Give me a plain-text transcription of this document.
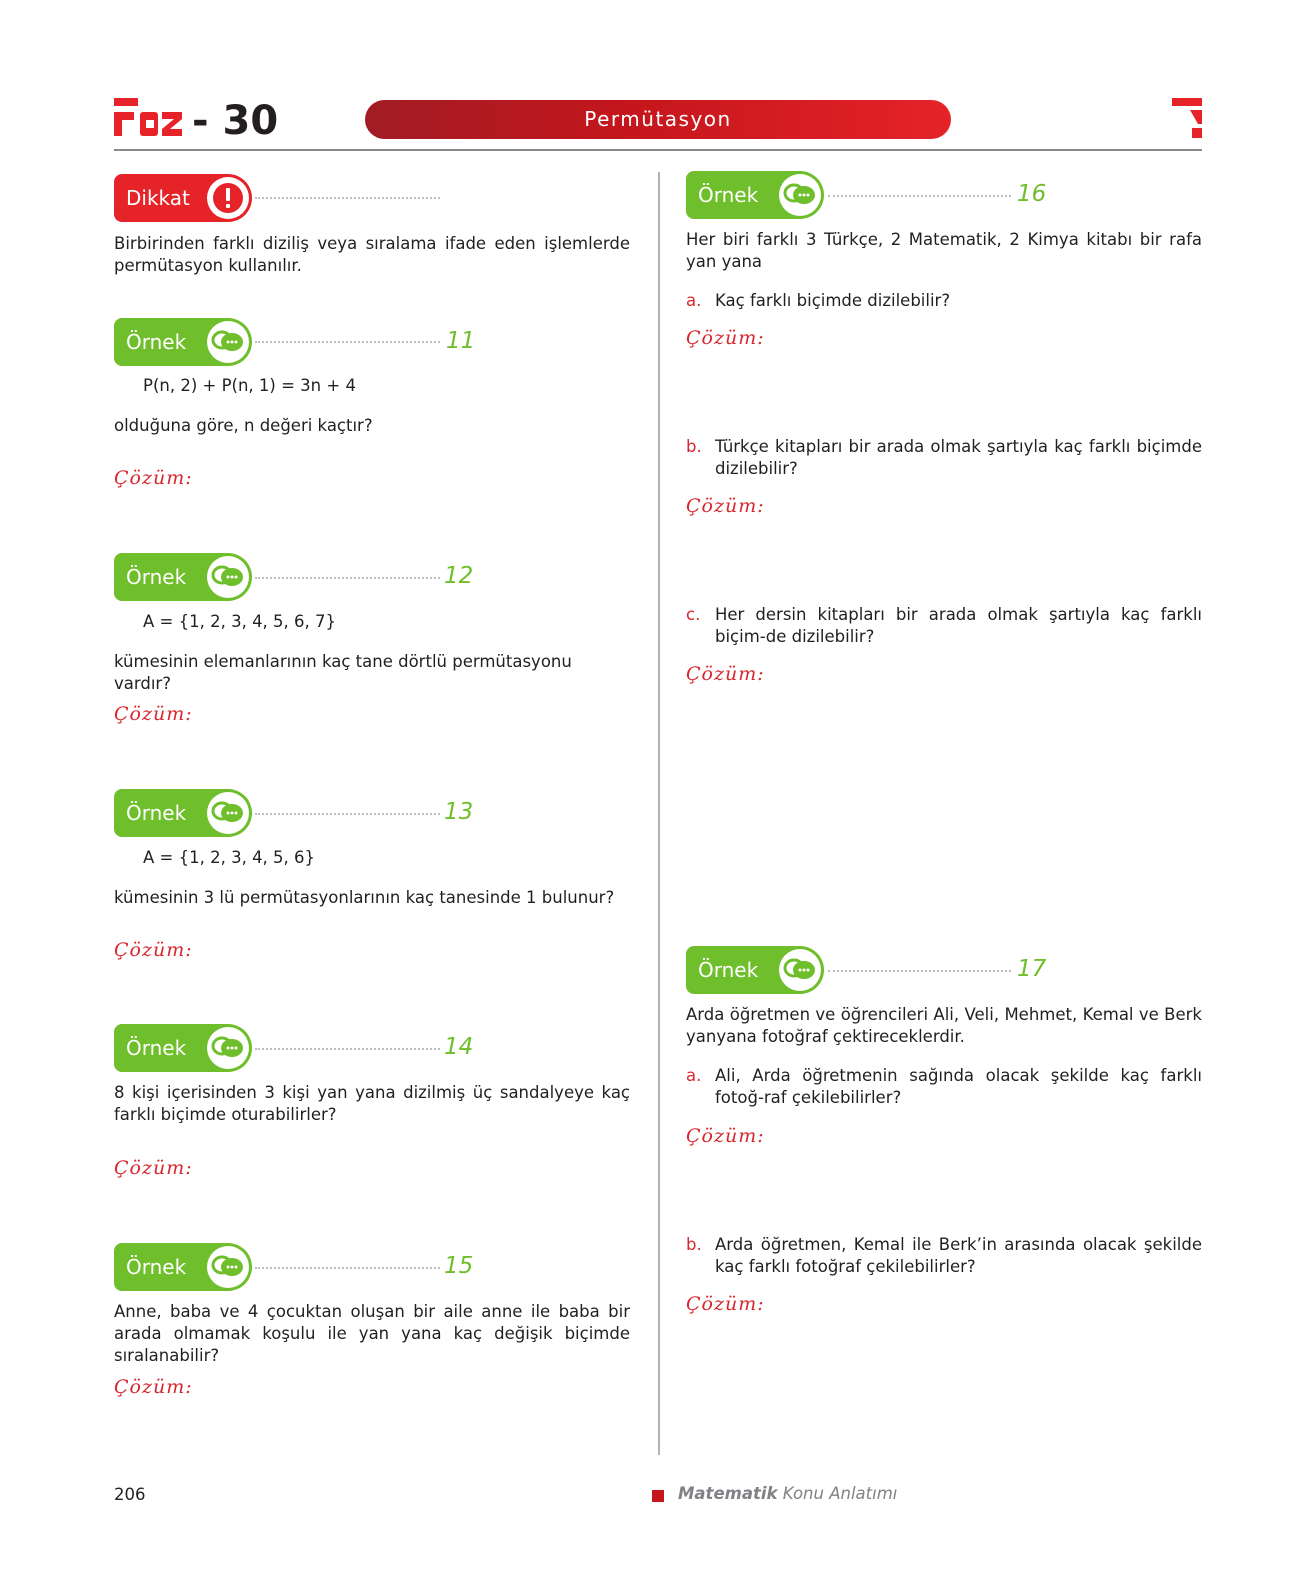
- 30	Permütasyon
Dikkat
Birbirinden farklı diziliş veya sıralama ifade eden işlemlerde permütasyon kullanılır.
Örnek	11
P(n, 2) + P(n, 1) = 3n + 4
olduğuna göre, n değeri kaçtır?
Çözüm:
Örnek	12
A = {1, 2, 3, 4, 5, 6, 7}
kümesinin elemanlarının kaç tane dörtlü permütasyonu vardır?
Çözüm:
Örnek	13
A = {1, 2, 3, 4, 5, 6}
kümesinin 3 lü permütasyonlarının kaç tanesinde 1 bulunur?
Çözüm:
Örnek	14
8 kişi içerisinden 3 kişi yan yana dizilmiş üç sandalyeye kaç farklı biçimde oturabilirler?
Çözüm:
Örnek	15
Anne, baba ve 4 çocuktan oluşan bir aile anne ile baba bir arada olmamak koşulu ile yan yana kaç değişik biçimde sıralanabilir?
Çözüm:
Örnek	16
Her biri farklı 3 Türkçe, 2 Matematik, 2 Kimya kitabı bir rafa yan yana
a. Kaç farklı biçimde dizilebilir?
Çözüm:
b. Türkçe kitapları bir arada olmak şartıyla kaç farklı biçimde dizilebilir?
Çözüm:
c. Her dersin kitapları bir arada olmak şartıyla kaç farklı biçim-de dizilebilir?
Çözüm:
Örnek	17
Arda öğretmen ve öğrencileri Ali, Veli, Mehmet, Kemal ve Berk yanyana fotoğraf çektireceklerdir.
a. Ali, Arda öğretmenin sağında olacak şekilde kaç farklı fotoğ-raf çekilebilirler?
Çözüm:
b. Arda öğretmen, Kemal ile Berk’in arasında olacak şekilde kaç farklı fotoğraf çekilebilirler?
Çözüm:
206	Matematik Konu Anlatımı
